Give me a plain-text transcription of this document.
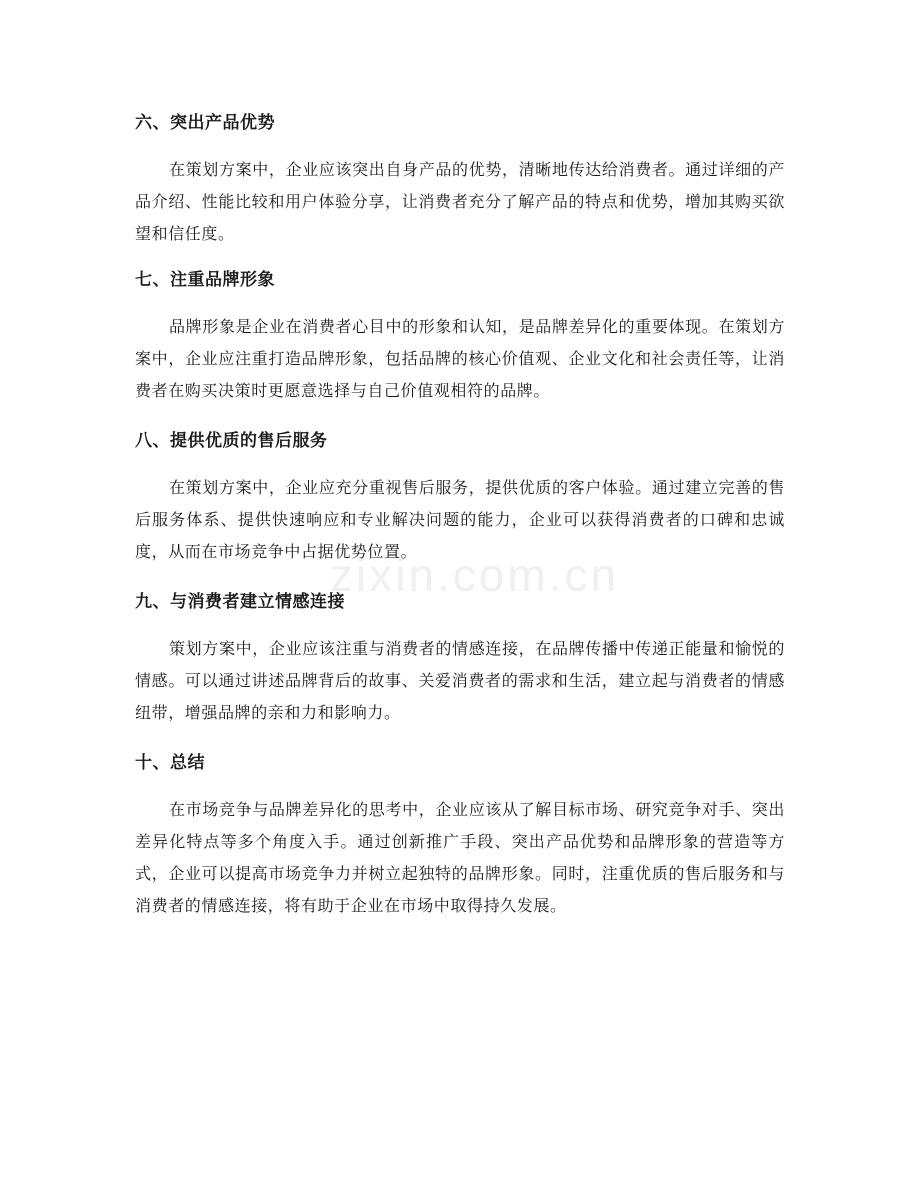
六、突出产品优势

在策划方案中，企业应该突出自身产品的优势，清晰地传达给消费者。通过详细的产品介绍、性能比较和用户体验分享，让消费者充分了解产品的特点和优势，增加其购买欲望和信任度。

七、注重品牌形象

品牌形象是企业在消费者心目中的形象和认知，是品牌差异化的重要体现。在策划方案中，企业应注重打造品牌形象，包括品牌的核心价值观、企业文化和社会责任等，让消费者在购买决策时更愿意选择与自己价值观相符的品牌。

八、提供优质的售后服务

在策划方案中，企业应充分重视售后服务，提供优质的客户体验。通过建立完善的售后服务体系、提供快速响应和专业解决问题的能力，企业可以获得消费者的口碑和忠诚度，从而在市场竞争中占据优势位置。

九、与消费者建立情感连接

策划方案中，企业应该注重与消费者的情感连接，在品牌传播中传递正能量和愉悦的情感。可以通过讲述品牌背后的故事、关爱消费者的需求和生活，建立起与消费者的情感纽带，增强品牌的亲和力和影响力。

十、总结

在市场竞争与品牌差异化的思考中，企业应该从了解目标市场、研究竞争对手、突出差异化特点等多个角度入手。通过创新推广手段、突出产品优势和品牌形象的营造等方式，企业可以提高市场竞争力并树立起独特的品牌形象。同时，注重优质的售后服务和与消费者的情感连接，将有助于企业在市场中取得持久发展。

zixin.com.cn
